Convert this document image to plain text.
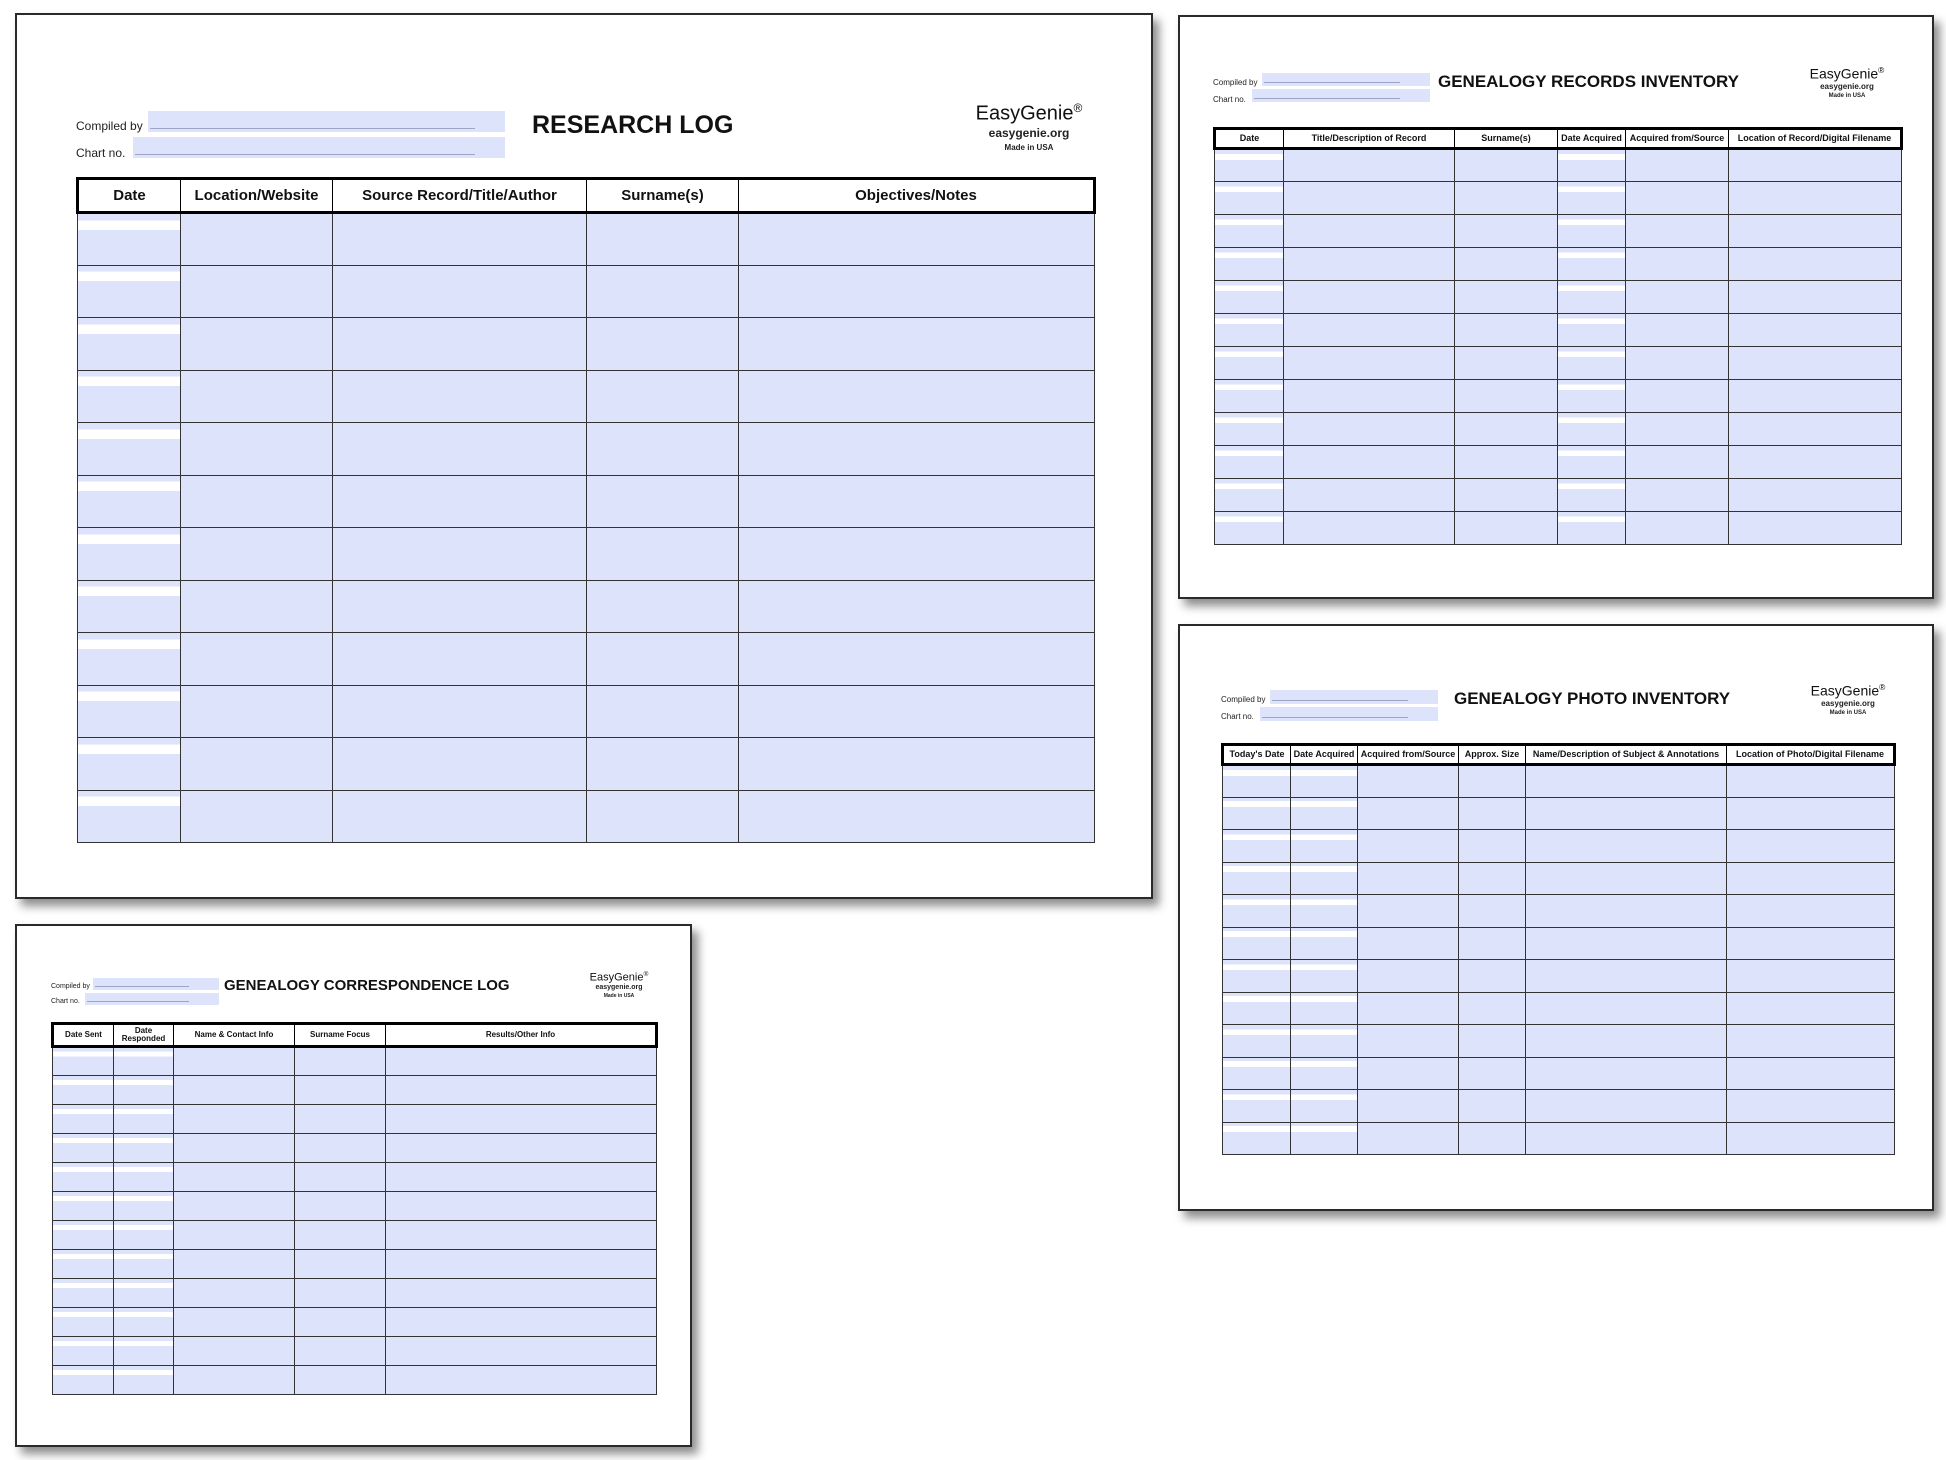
Compiled by
Chart no.
RESEARCH LOG	EasyGenie®
easygenie.org
Made in USA
Date	Location/Website	Source Record/Title/Author	Surname(s)	Objectives/Notes

Compiled by
Chart no.
GENEALOGY RECORDS INVENTORY	EasyGenie®
easygenie.org
Made in USA
Date	Title/Description of Record	Surname(s)	Date Acquired	Acquired from/Source	Location of Record/Digital Filename

Compiled by
Chart no.
GENEALOGY PHOTO INVENTORY	EasyGenie®
easygenie.org
Made in USA
Today's Date	Date Acquired	Acquired from/Source	Approx. Size	Name/Description of Subject & Annotations	Location of Photo/Digital Filename

Compiled by
Chart no.
GENEALOGY CORRESPONDENCE LOG	EasyGenie®
easygenie.org
Made in USA
Date Sent	Date Responded	Name & Contact Info	Surname Focus	Results/Other Info
